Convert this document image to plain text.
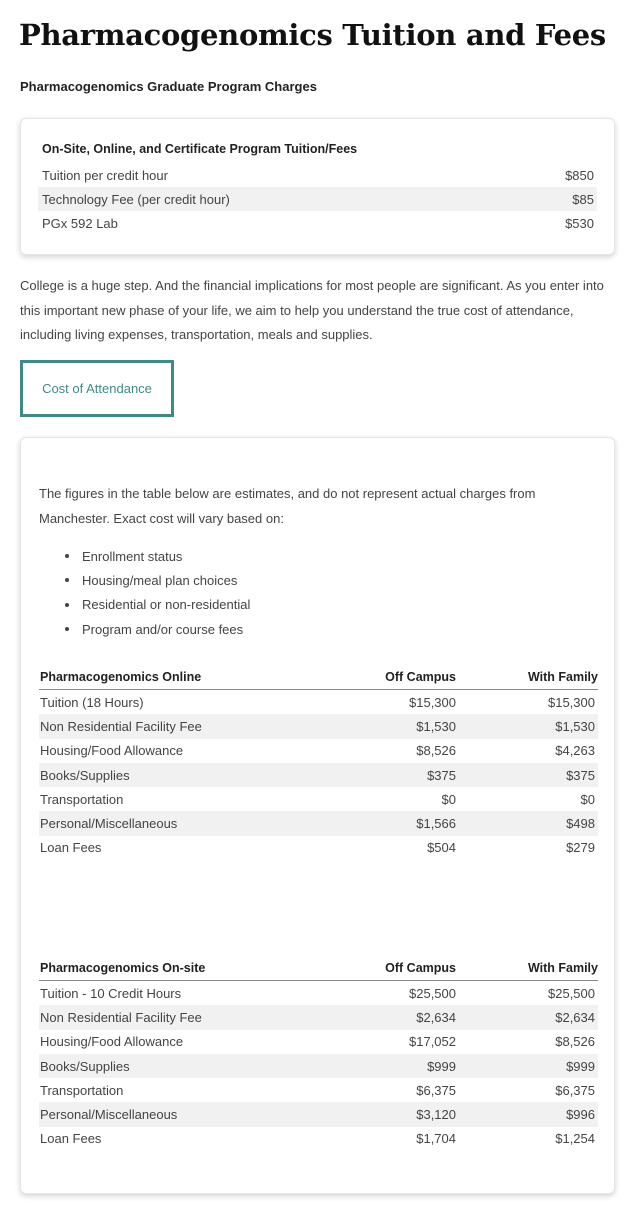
Pharmacogenomics Tuition and Fees
Pharmacogenomics Graduate Program Charges
On-Site, Online, and Certificate Program Tuition/Fees
Tuition per credit hour	$850
Technology Fee (per credit hour)	$85
PGx 592 Lab	$530

College is a huge step. And the financial implications for most people are significant. As you enter into this important new phase of your life, we aim to help you understand the true cost of attendance, including living expenses, transportation, meals and supplies.

Cost of Attendance

The figures in the table below are estimates, and do not represent actual charges from Manchester. Exact cost will vary based on:

Enrollment status
Housing/meal plan choices
Residential or non-residential
Program and/or course fees
Pharmacogenomics Online	Off Campus	With Family
Tuition (18 Hours)	$15,300	$15,300
Non Residential Facility Fee	$1,530	$1,530
Housing/Food Allowance	$8,526	$4,263
Books/Supplies	$375	$375
Transportation	$0	$0
Personal/Miscellaneous	$1,566	$498
Loan Fees	$504	$279
Pharmacogenomics On-site	Off Campus	With Family
Tuition - 10 Credit Hours	$25,500	$25,500
Non Residential Facility Fee	$2,634	$2,634
Housing/Food Allowance	$17,052	$8,526
Books/Supplies	$999	$999
Transportation	$6,375	$6,375
Personal/Miscellaneous	$3,120	$996
Loan Fees	$1,704	$1,254
